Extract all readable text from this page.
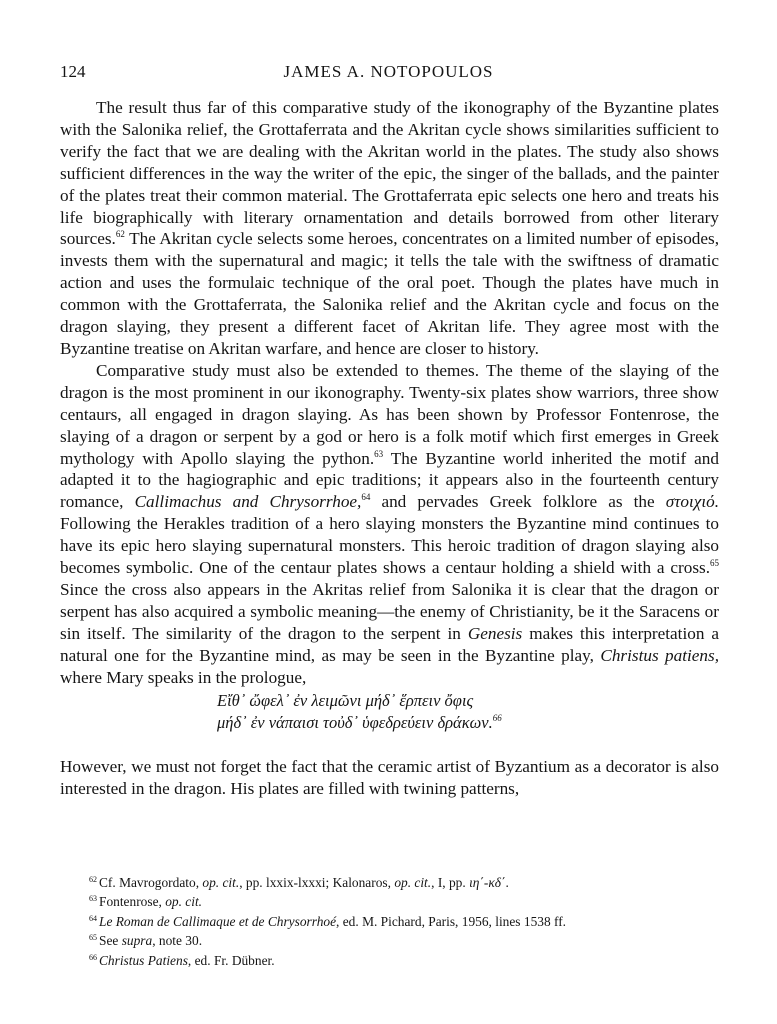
124	JAMES A. NOTOPOULOS

The result thus far of this comparative study of the ikonography of the Byzantine plates with the Salonika relief, the Grottaferrata and the Akritan cycle shows similarities sufficient to verify the fact that we are dealing with the Akritan world in the plates. The study also shows sufficient differences in the way the writer of the epic, the singer of the ballads, and the painter of the plates treat their common material. The Grottaferrata epic selects one hero and treats his life biographically with literary ornamentation and details borrowed from other literary sources.$^{62}$ The Akritan cycle selects some heroes, concentrates on a limited number of episodes, invests them with the supernatural and magic; it tells the tale with the swiftness of dramatic action and uses the formulaic technique of the oral poet. Though the plates have much in common with the Grottaferrata, the Salonika relief and the Akritan cycle and focus on the dragon slaying, they present a different facet of Akritan life. They agree most with the Byzantine treatise on Akritan warfare, and hence are closer to history.

Comparative study must also be extended to themes. The theme of the slaying of the dragon is the most prominent in our ikonography. Twenty-six plates show warriors, three show centaurs, all engaged in dragon slaying. As has been shown by Professor Fontenrose, the slaying of a dragon or serpent by a god or hero is a folk motif which first emerges in Greek mythology with Apollo slaying the python.$^{63}$ The Byzantine world inherited the motif and adapted it to the hagiographic and epic traditions; it appears also in the fourteenth century romance, Callimachus and Chrysorrhoe,$^{64}$ and pervades Greek folklore as the στοιχιό. Following the Herakles tradition of a hero slaying monsters the Byzantine mind continues to have its epic hero slaying supernatural monsters. This heroic tradition of dragon slaying also becomes symbolic. One of the centaur plates shows a centaur holding a shield with a cross.$^{65}$ Since the cross also appears in the Akritas relief from Salonika it is clear that the dragon or serpent has also acquired a symbolic meaning—the enemy of Christianity, be it the Saracens or sin itself. The similarity of the dragon to the serpent in Genesis makes this interpretation a natural one for the Byzantine mind, as may be seen in the Byzantine play, Christus patiens, where Mary speaks in the prologue,

Εἴθ᾽ ὤφελ᾽ ἐν λειμῶνι μήδ᾽ ἕρπειν ὄφις
μήδ᾽ ἐν νάπαισι τοὐδ᾽ ὑφεδρεύειν δράκων.$^{66}$

However, we must not forget the fact that the ceramic artist of Byzantium as a decorator is also interested in the dragon. His plates are filled with twining patterns,

$^{62}$ Cf. Mavrogordato, op. cit., pp. lxxix-lxxxi; Kalonaros, op. cit., I, pp. ιη΄-κδ΄.
$^{63}$ Fontenrose, op. cit.
$^{64}$ Le Roman de Callimaque et de Chrysorrhoé, ed. M. Pichard, Paris, 1956, lines 1538 ff.
$^{65}$ See supra, note 30.
$^{66}$ Christus Patiens, ed. Fr. Dübner.
